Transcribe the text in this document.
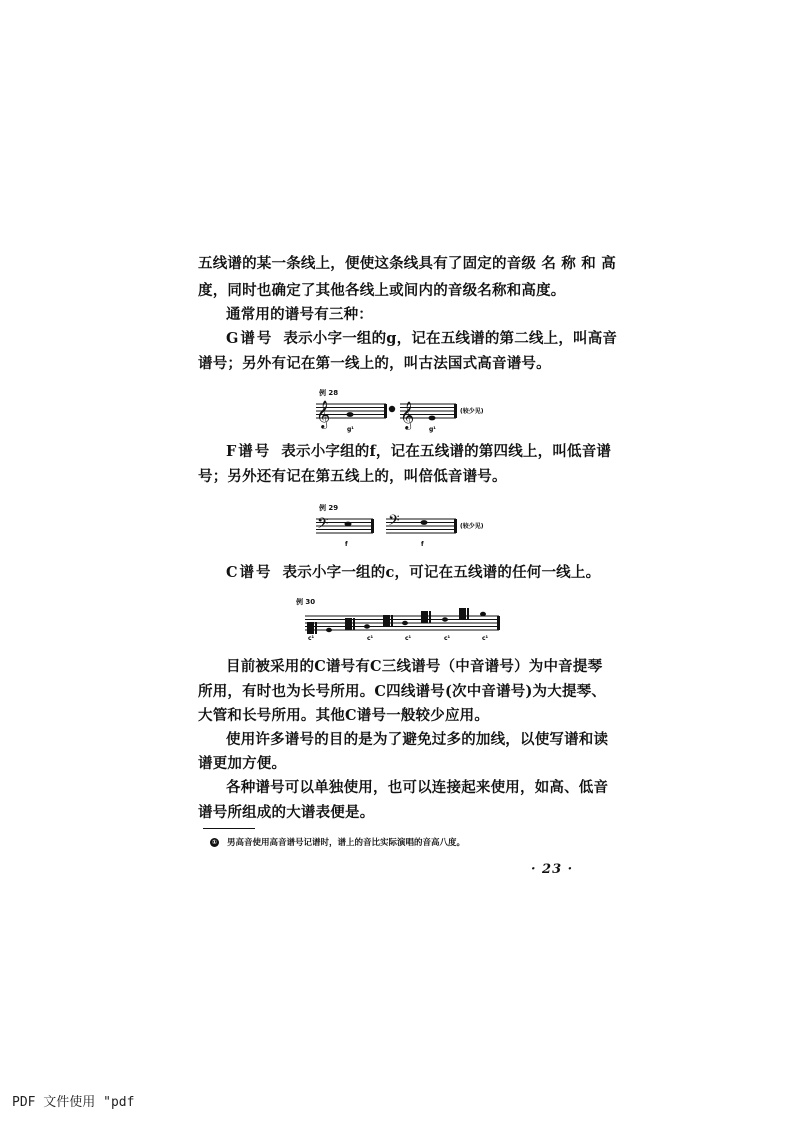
五线谱的某一条线上，便使这条线具有了固定的音级 名 称 和 高
度，同时也确定了其他各线上或间内的音级名称和高度。
通常用的谱号有三种：
G谱号 表示小字一组的g，记在五线谱的第二线上，叫高音
谱号；另外有记在第一线上的，叫古法国式高音谱号。
例 28
𝄞	𝄞
g¹	g¹
(较少见)
F谱号 表示小字组的f，记在五线谱的第四线上，叫低音谱
号；另外还有记在第五线上的，叫倍低音谱号。
例 29
𝄢	𝄢
f	f
(较少见)
C谱号 表示小字一组的c，可记在五线谱的任何一线上。
例 30
c¹	c¹	c¹	c¹	c¹
目前被采用的C谱号有C三线谱号（中音谱号）为中音提琴
所用，有时也为长号所用。C四线谱号(次中音谱号)为大提琴、
大管和长号所用。其他C谱号一般较少应用。
使用许多谱号的目的是为了避免过多的加线，以使写谱和读
谱更加方便。
各种谱号可以单独使用，也可以连接起来使用，如高、低音
谱号所组成的大谱表便是。
① 男高音使用高音谱号记谱时，谱上的音比实际演唱的音高八度。
· 23 ·
PDF 文件使用 "pdf
